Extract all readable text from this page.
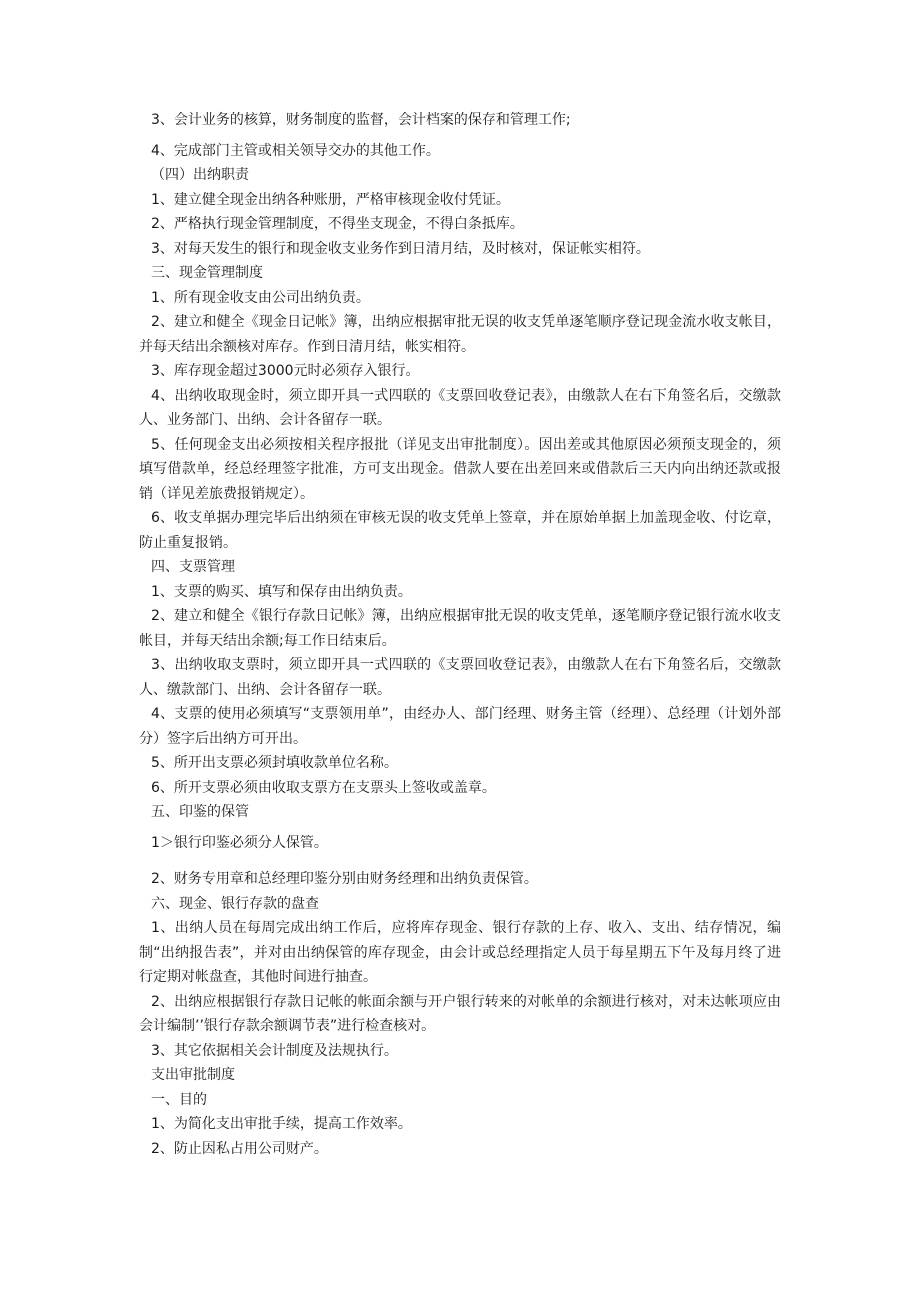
3、会计业务的核算，财务制度的监督，会计档案的保存和管理工作;

4、完成部门主管或相关领导交办的其他工作。

（四）出纳职责

1、建立健全现金出纳各种账册，严格审核现金收付凭证。

2、严格执行现金管理制度，不得坐支现金，不得白条抵库。

3、对每天发生的银行和现金收支业务作到日清月结，及时核对，保证帐实相符。

三、现金管理制度

1、所有现金收支由公司出纳负责。

2、建立和健全《现金日记帐》簿，出纳应根据审批无误的收支凭单逐笔顺序登记现金流水收支帐目，并每天结出余额核对库存。作到日清月结，帐实相符。

3、库存现金超过3000元时必须存入银行。

4、出纳收取现金时，须立即开具一式四联的《支票回收登记表》，由缴款人在右下角签名后，交缴款人、业务部门、出纳、会计各留存一联。

5、任何现金支出必须按相关程序报批（详见支出审批制度）。因出差或其他原因必须预支现金的，须填写借款单，经总经理签字批准，方可支出现金。借款人要在出差回来或借款后三天内向出纳还款或报销（详见差旅费报销规定）。

6、收支单据办理完毕后出纳须在审核无误的收支凭单上签章，并在原始单据上加盖现金收、付讫章，防止重复报销。

四、支票管理

1、支票的购买、填写和保存由出纳负责。

2、建立和健全《银行存款日记帐》簿，出纳应根据审批无误的收支凭单，逐笔顺序登记银行流水收支帐目，并每天结出余额;每工作日结束后。

3、出纳收取支票时，须立即开具一式四联的《支票回收登记表》，由缴款人在右下角签名后，交缴款人、缴款部门、出纳、会计各留存一联。

4、支票的使用必须填写“支票领用单”，由经办人、部门经理、财务主管（经理）、总经理（计划外部分）签字后出纳方可开出。

5、所开出支票必须封填收款单位名称。

6、所开支票必须由收取支票方在支票头上签收或盖章。

五、印鉴的保管

1＞银行印鉴必须分人保管。

2、财务专用章和总经理印鉴分别由财务经理和出纳负责保管。

六、现金、银行存款的盘查

1、出纳人员在每周完成出纳工作后，应将库存现金、银行存款的上存、收入、支出、结存情况，编制“出纳报告表”，并对由出纳保管的库存现金，由会计或总经理指定人员于每星期五下午及每月终了进行定期对帐盘查，其他时间进行抽查。

2、出纳应根据银行存款日记帐的帐面余额与开户银行转来的对帐单的余额进行核对，对未达帐项应由会计编制’’银行存款余额调节表”进行检查核对。

3、其它依据相关会计制度及法规执行。

支出审批制度

一、目的

1、为简化支出审批手续，提高工作效率。

2、防止因私占用公司财产。
